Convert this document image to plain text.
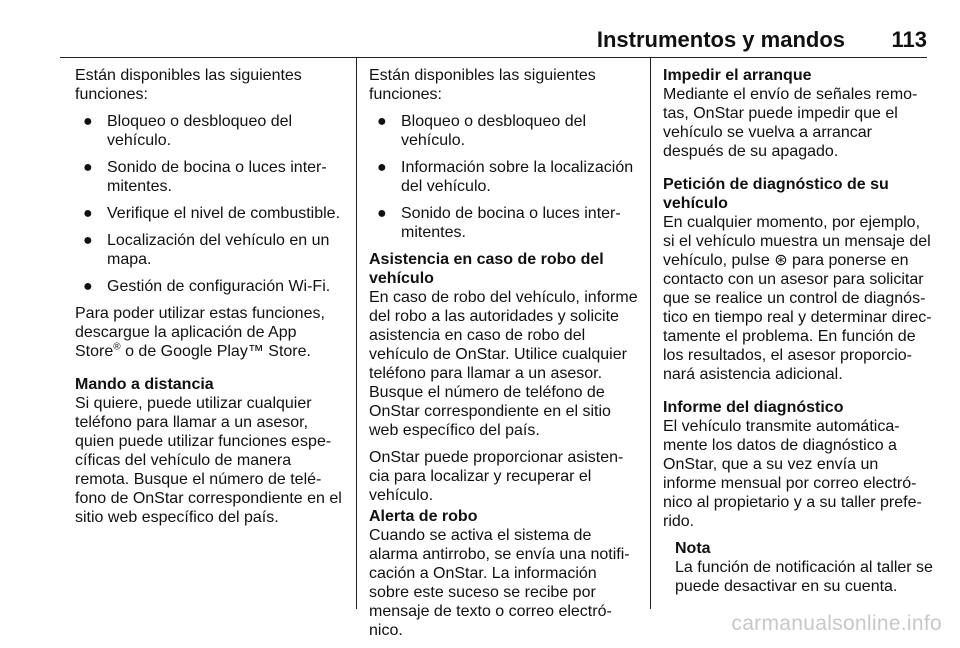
Instrumentos y mandos 113

Están disponibles las siguientes funciones:

● Bloqueo o desbloqueo del vehículo.
● Sonido de bocina o luces inter-mitentes.
● Verifique el nivel de combustible.
● Localización del vehículo en un mapa.
● Gestión de configuración Wi-Fi.

Para poder utilizar estas funciones, descargue la aplicación de App Store® o de Google Play™ Store.

Mando a distancia

Si quiere, puede utilizar cualquier teléfono para llamar a un asesor, quien puede utilizar funciones espe-cíficas del vehículo de manera remota. Busque el número de telé-fono de OnStar correspondiente en el sitio web específico del país.

Están disponibles las siguientes funciones:

● Bloqueo o desbloqueo del vehículo.
● Información sobre la localización del vehículo.
● Sonido de bocina o luces inter-mitentes.
Asistencia en caso de robo del vehículo

En caso de robo del vehículo, informe del robo a las autoridades y solicite asistencia en caso de robo del vehículo de OnStar. Utilice cualquier teléfono para llamar a un asesor. Busque el número de teléfono de OnStar correspondiente en el sitio web específico del país.

OnStar puede proporcionar asisten-cia para localizar y recuperar el vehículo.

Alerta de robo

Cuando se activa el sistema de alarma antirrobo, se envía una notifi-cación a OnStar. La información sobre este suceso se recibe por mensaje de texto o correo electró-nico.

Impedir el arranque

Mediante el envío de señales remo-tas, OnStar puede impedir que el vehículo se vuelva a arrancar después de su apagado.

Petición de diagnóstico de su vehículo

En cualquier momento, por ejemplo, si el vehículo muestra un mensaje del vehículo, pulse ⊛ para ponerse en contacto con un asesor para solicitar que se realice un control de diagnós-tico en tiempo real y determinar direc-tamente el problema. En función de los resultados, el asesor proporcio-nará asistencia adicional.

Informe del diagnóstico

El vehículo transmite automática-mente los datos de diagnóstico a OnStar, que a su vez envía un informe mensual por correo electró-nico al propietario y a su taller prefe-rido.

Nota

La función de notificación al taller se puede desactivar en su cuenta.

carmanualsonline.info
